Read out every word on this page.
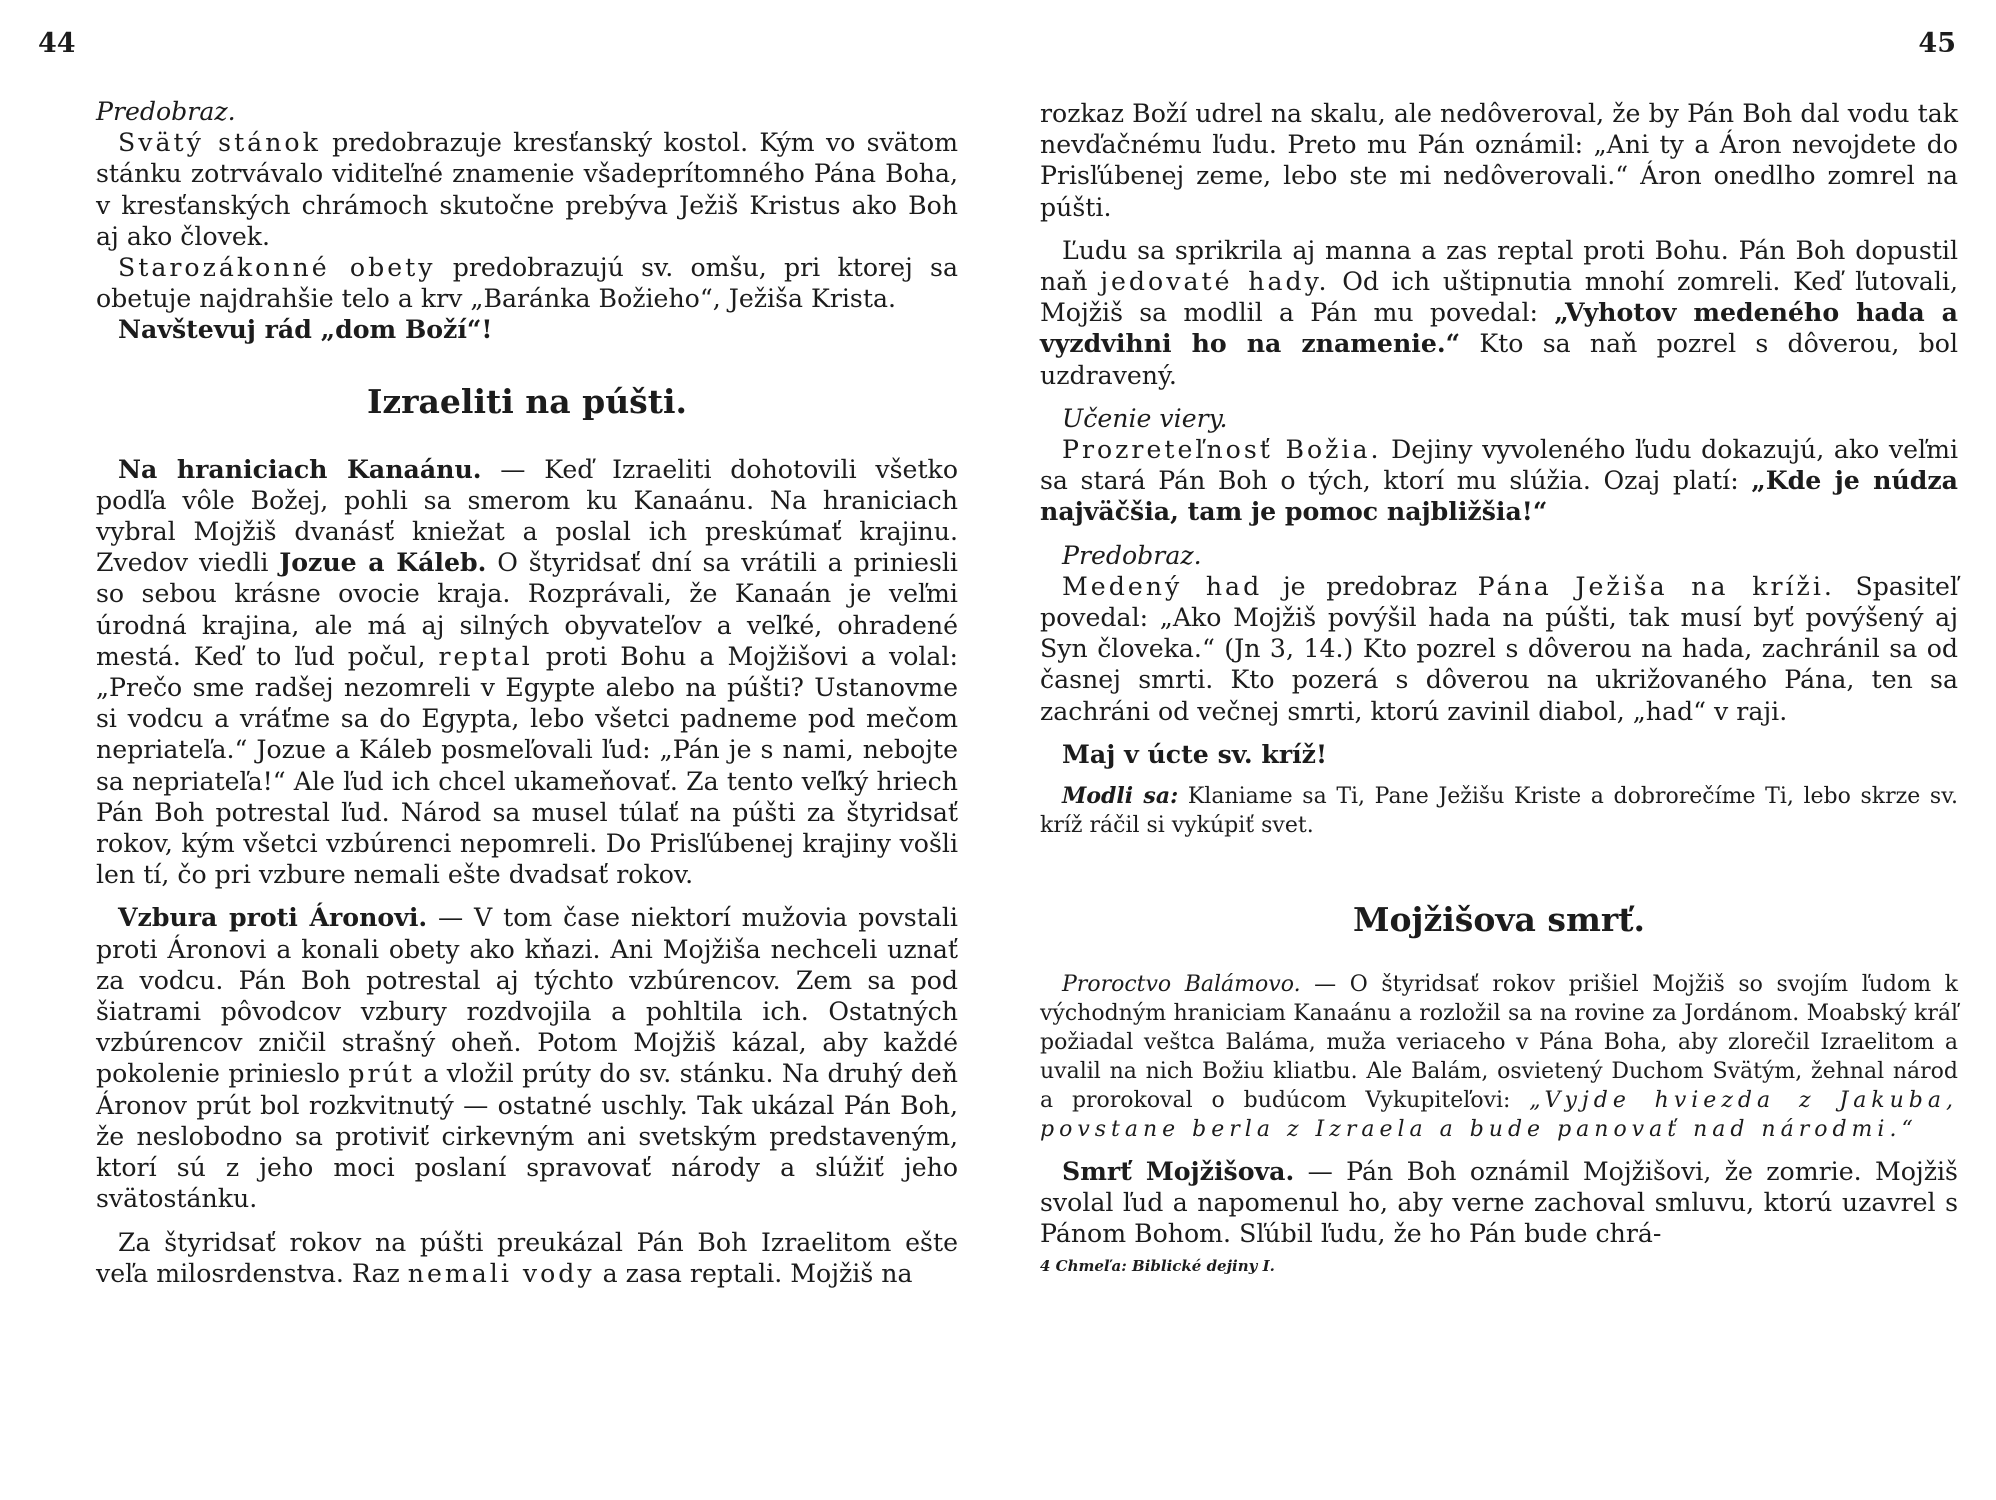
44

Predobraz.

Svätý stánok predobrazuje kresťanský kostol. Kým vo svätom stánku zotrvávalo viditeľné znamenie všadeprítomného Pána Boha, v kresťanských chrámoch skutočne prebýva Ježiš Kristus ako Boh aj ako človek.

Starozákonné obety predobrazujú sv. omšu, pri ktorej sa obetuje najdrahšie telo a krv „Baránka Božieho“, Ježiša Krista.

Navštevuj rád „dom Boží“!

Izraeliti na púšti.

Na hraniciach Kanaánu. — Keď Izraeliti dohotovili všetko podľa vôle Božej, pohli sa smerom ku Kanaánu. Na hraniciach vybral Mojžiš dvanásť kniežat a poslal ich preskúmať krajinu. Zvedov viedli Jozue a Káleb. O štyridsať dní sa vrátili a priniesli so sebou krásne ovocie kraja. Rozprávali, že Kanaán je veľmi úrodná krajina, ale má aj silných obyvateľov a veľké, ohradené mestá. Keď to ľud počul, reptal proti Bohu a Mojžišovi a volal: „Prečo sme radšej nezomreli v Egypte alebo na púšti? Ustanovme si vodcu a vráťme sa do Egypta, lebo všetci padneme pod mečom nepriateľa.“ Jozue a Káleb posmeľovali ľud: „Pán je s nami, nebojte sa nepriateľa!“ Ale ľud ich chcel ukameňovať. Za tento veľký hriech Pán Boh potrestal ľud. Národ sa musel túlať na púšti za štyridsať rokov, kým všetci vzbúrenci nepomreli. Do Prisľúbenej krajiny vošli len tí, čo pri vzbure nemali ešte dvadsať rokov.

Vzbura proti Áronovi. — V tom čase niektorí mužovia povstali proti Áronovi a konali obety ako kňazi. Ani Mojžiša nechceli uznať za vodcu. Pán Boh potrestal aj týchto vzbúrencov. Zem sa pod šiatrami pôvodcov vzbury rozdvojila a pohltila ich. Ostatných vzbúrencov zničil strašný oheň. Potom Mojžiš kázal, aby každé pokolenie prinieslo prút a vložil prúty do sv. stánku. Na druhý deň Áronov prút bol rozkvitnutý — ostatné uschly. Tak ukázal Pán Boh, že neslobodno sa protiviť cirkevným ani svetským predstaveným, ktorí sú z jeho moci poslaní spravovať národy a slúžiť jeho svätostánku.

Za štyridsať rokov na púšti preukázal Pán Boh Izraelitom ešte veľa milosrdenstva. Raz nemali vody a zasa reptali. Mojžiš na

45

rozkaz Boží udrel na skalu, ale nedôveroval, že by Pán Boh dal vodu tak nevďačnému ľudu. Preto mu Pán oznámil: „Ani ty a Áron nevojdete do Prisľúbenej zeme, lebo ste mi nedôverovali.“ Áron onedlho zomrel na púšti.

Ľudu sa sprikrila aj manna a zas reptal proti Bohu. Pán Boh dopustil naň jedovaté hady. Od ich uštipnutia mnohí zomreli. Keď ľutovali, Mojžiš sa modlil a Pán mu povedal: „Vyhotov medeného hada a vyzdvihni ho na znamenie.“ Kto sa naň pozrel s dôverou, bol uzdravený.

Učenie viery.

Prozreteľnosť Božia. Dejiny vyvoleného ľudu dokazujú, ako veľmi sa stará Pán Boh o tých, ktorí mu slúžia. Ozaj platí: „Kde je núdza najväčšia, tam je pomoc najbližšia!“

Predobraz.

Medený had je predobraz Pána Ježiša na kríži. Spasiteľ povedal: „Ako Mojžiš povýšil hada na púšti, tak musí byť povýšený aj Syn človeka.“ (Jn 3, 14.) Kto pozrel s dôverou na hada, zachránil sa od časnej smrti. Kto pozerá s dôverou na ukrižovaného Pána, ten sa zachráni od večnej smrti, ktorú zavinil diabol, „had“ v raji.

Maj v úcte sv. kríž!

Modli sa: Klaniame sa Ti, Pane Ježišu Kriste a dobrorečíme Ti, lebo skrze sv. kríž ráčil si vykúpiť svet.

Mojžišova smrť.

Proroctvo Balámovo. — O štyridsať rokov prišiel Mojžiš so svojím ľudom k východným hraniciam Kanaánu a rozložil sa na rovine za Jordánom. Moabský kráľ požiadal veštca Baláma, muža veriaceho v Pána Boha, aby zlorečil Izraelitom a uvalil na nich Božiu kliatbu. Ale Balám, osvietený Duchom Svätým, žehnal národ a prorokoval o budúcom Vykupiteľovi: „Vyjde hviezda z Jakuba, povstane berla z Izraela a bude panovať nad národmi.“

Smrť Mojžišova. — Pán Boh oznámil Mojžišovi, že zomrie. Mojžiš svolal ľud a napomenul ho, aby verne zachoval smluvu, ktorú uzavrel s Pánom Bohom. Sľúbil ľudu, že ho Pán bude chrá-

4 Chmeľa: Biblické dejiny I.
